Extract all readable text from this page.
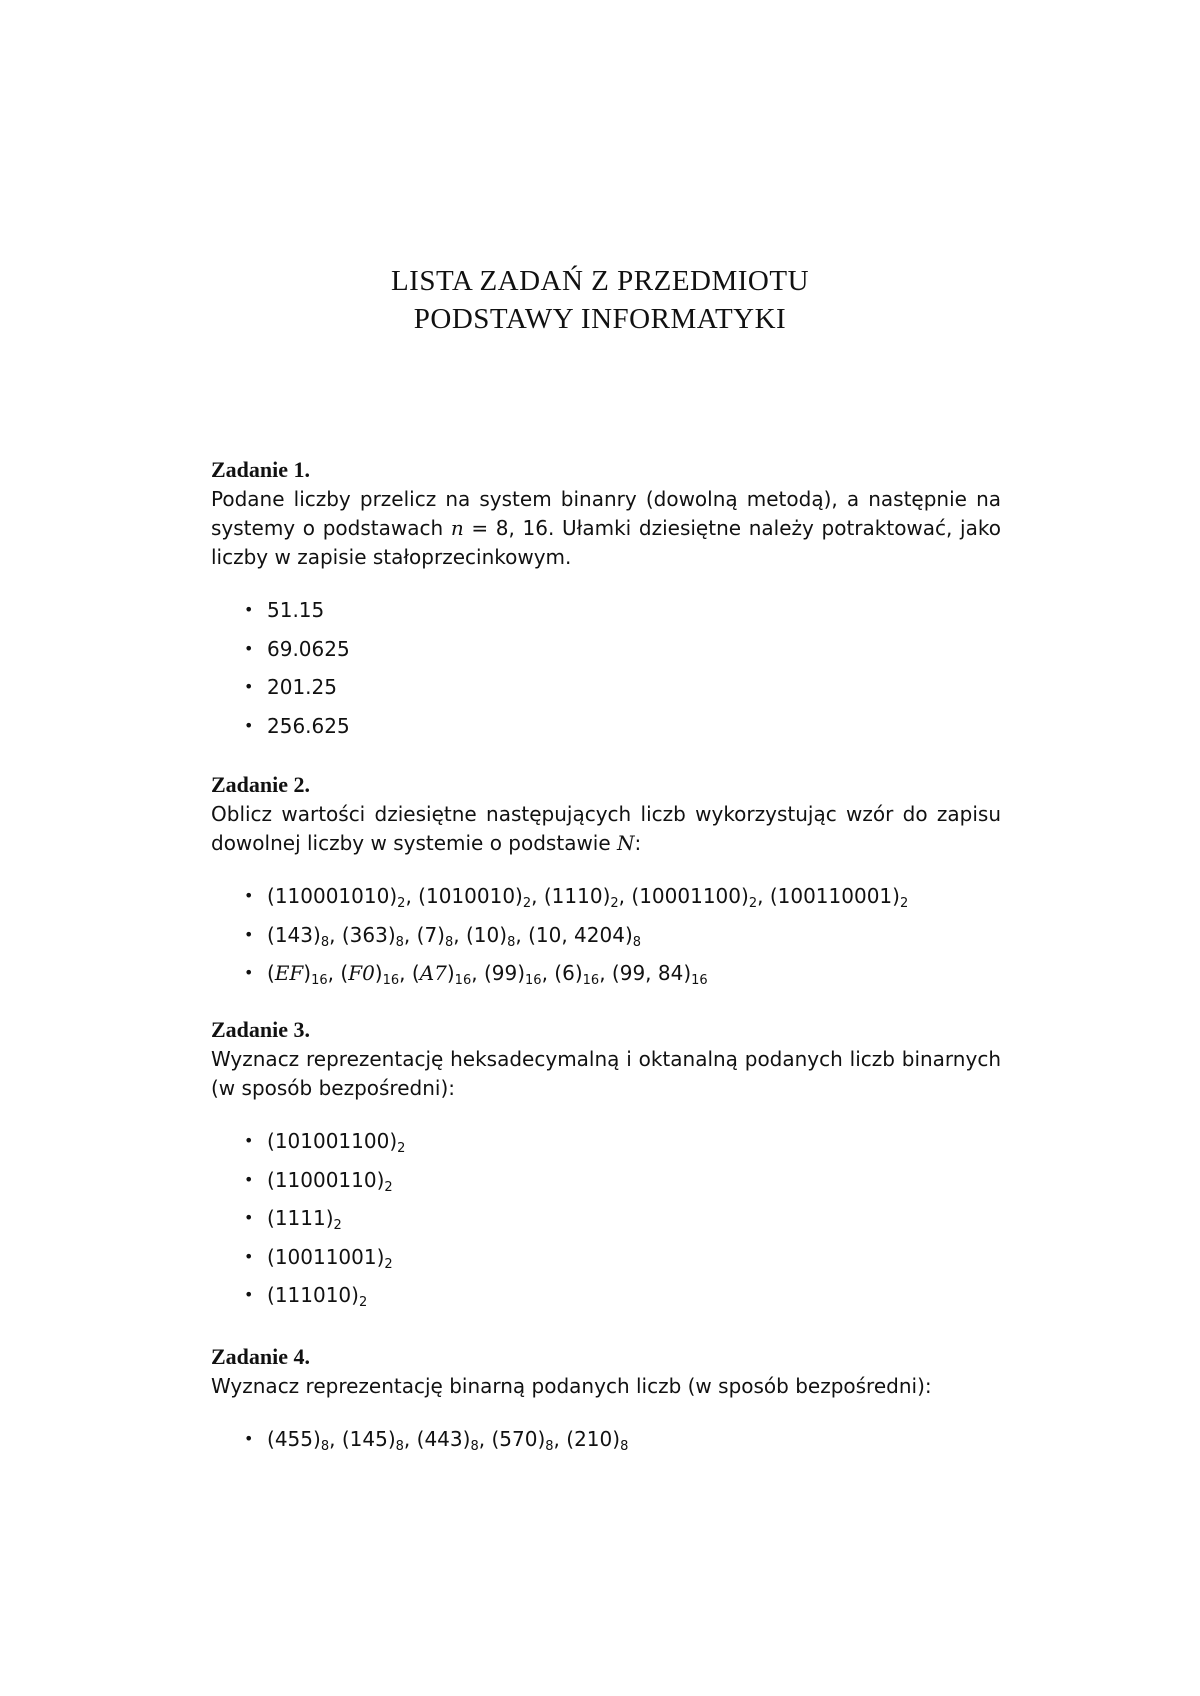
LISTA ZADAŃ Z PRZEDMIOTU
PODSTAWY INFORMATYKI
Zadanie 1.

Podane liczby przelicz na system binanry (dowolną metodą), a następnie na systemy o podstawach n = 8, 16. Ułamki dziesiętne należy potraktować, jako liczby w zapisie stałoprzecinkowym.

• 51.15
• 69.0625
• 201.25
• 256.625
Zadanie 2.

Oblicz wartości dziesiętne następujących liczb wykorzystując wzór do zapisu dowolnej liczby w systemie o podstawie N:

• $(110001010)_2$, $(1010010)_2$, $(1110)_2$, $(10001100)_2$, $(100110001)_2$
• $(143)_8$, $(363)_8$, $(7)_8$, $(10)_8$, (10, $4204)_8$
• $(EF)_{16}$, $(F0)_{16}$, $(A7)_{16}$, $(99)_{16}$, $(6)_{16}$, (99, $84)_{16}$
Zadanie 3.

Wyznacz reprezentację heksadecymalną i oktanalną podanych liczb binarnych (w sposób bezpośredni):

• $(101001100)_2$
• $(11000110)_2$
• $(1111)_2$
• $(10011001)_2$
• $(111010)_2$
Zadanie 4.

Wyznacz reprezentację binarną podanych liczb (w sposób bezpośredni):

• $(455)_8$, $(145)_8$, $(443)_8$, $(570)_8$, $(210)_8$
